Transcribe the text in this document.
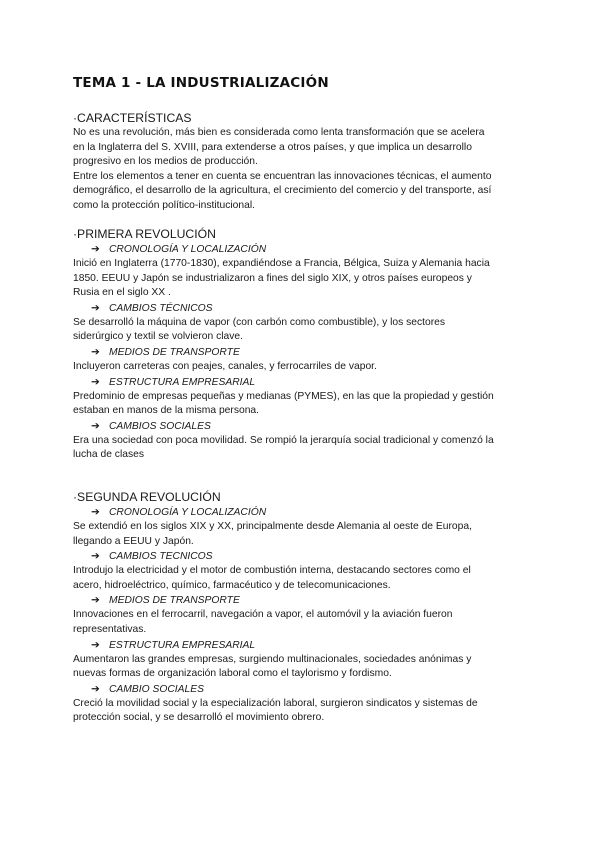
TEMA 1 - LA INDUSTRIALIZACIÓN

·CARACTERÍSTICAS

No es una revolución, más bien es considerada como lenta transformación que se acelera

en la Inglaterra del S. XVIII, para extenderse a otros países, y que implica un desarrollo

progresivo en los medios de producción.

Entre los elementos a tener en cuenta se encuentran las innovaciones técnicas, el aumento

demográfico, el desarrollo de la agricultura, el crecimiento del comercio y del transporte, así

como la protección político-institucional.

·PRIMERA REVOLUCIÓN

➔ CRONOLOGÍA Y LOCALIZACIÓN

Inició en Inglaterra (1770-1830), expandiéndose a Francia, Bélgica, Suiza y Alemania hacia

1850. EEUU y Japón se industrializaron a fines del siglo XIX, y otros países europeos y

Rusia en el siglo XX .

➔ CAMBIOS TÉCNICOS

Se desarrolló la máquina de vapor (con carbón como combustible), y los sectores

siderúrgico y textil se volvieron clave.

➔ MEDIOS DE TRANSPORTE

Incluyeron carreteras con peajes, canales, y ferrocarriles de vapor.

➔ ESTRUCTURA EMPRESARIAL

Predominio de empresas pequeñas y medianas (PYMES), en las que la propiedad y gestión

estaban en manos de la misma persona.

➔ CAMBIOS SOCIALES

Era una sociedad con poca movilidad. Se rompió la jerarquía social tradicional y comenzó la

lucha de clases

·SEGUNDA REVOLUCIÓN

➔ CRONOLOGÍA Y LOCALIZACIÓN

Se extendió en los siglos XIX y XX, principalmente desde Alemania al oeste de Europa,

llegando a EEUU y Japón.

➔ CAMBIOS TECNICOS

Introdujo la electricidad y el motor de combustión interna, destacando sectores como el

acero, hidroeléctrico, químico, farmacéutico y de telecomunicaciones.

➔ MEDIOS DE TRANSPORTE

Innovaciones en el ferrocarril, navegación a vapor, el automóvil y la aviación fueron

representativas.

➔ ESTRUCTURA EMPRESARIAL

Aumentaron las grandes empresas, surgiendo multinacionales, sociedades anónimas y

nuevas formas de organización laboral como el taylorismo y fordismo.

➔ CAMBIO SOCIALES

Creció la movilidad social y la especialización laboral, surgieron sindicatos y sistemas de

protección social, y se desarrolló el movimiento obrero.
